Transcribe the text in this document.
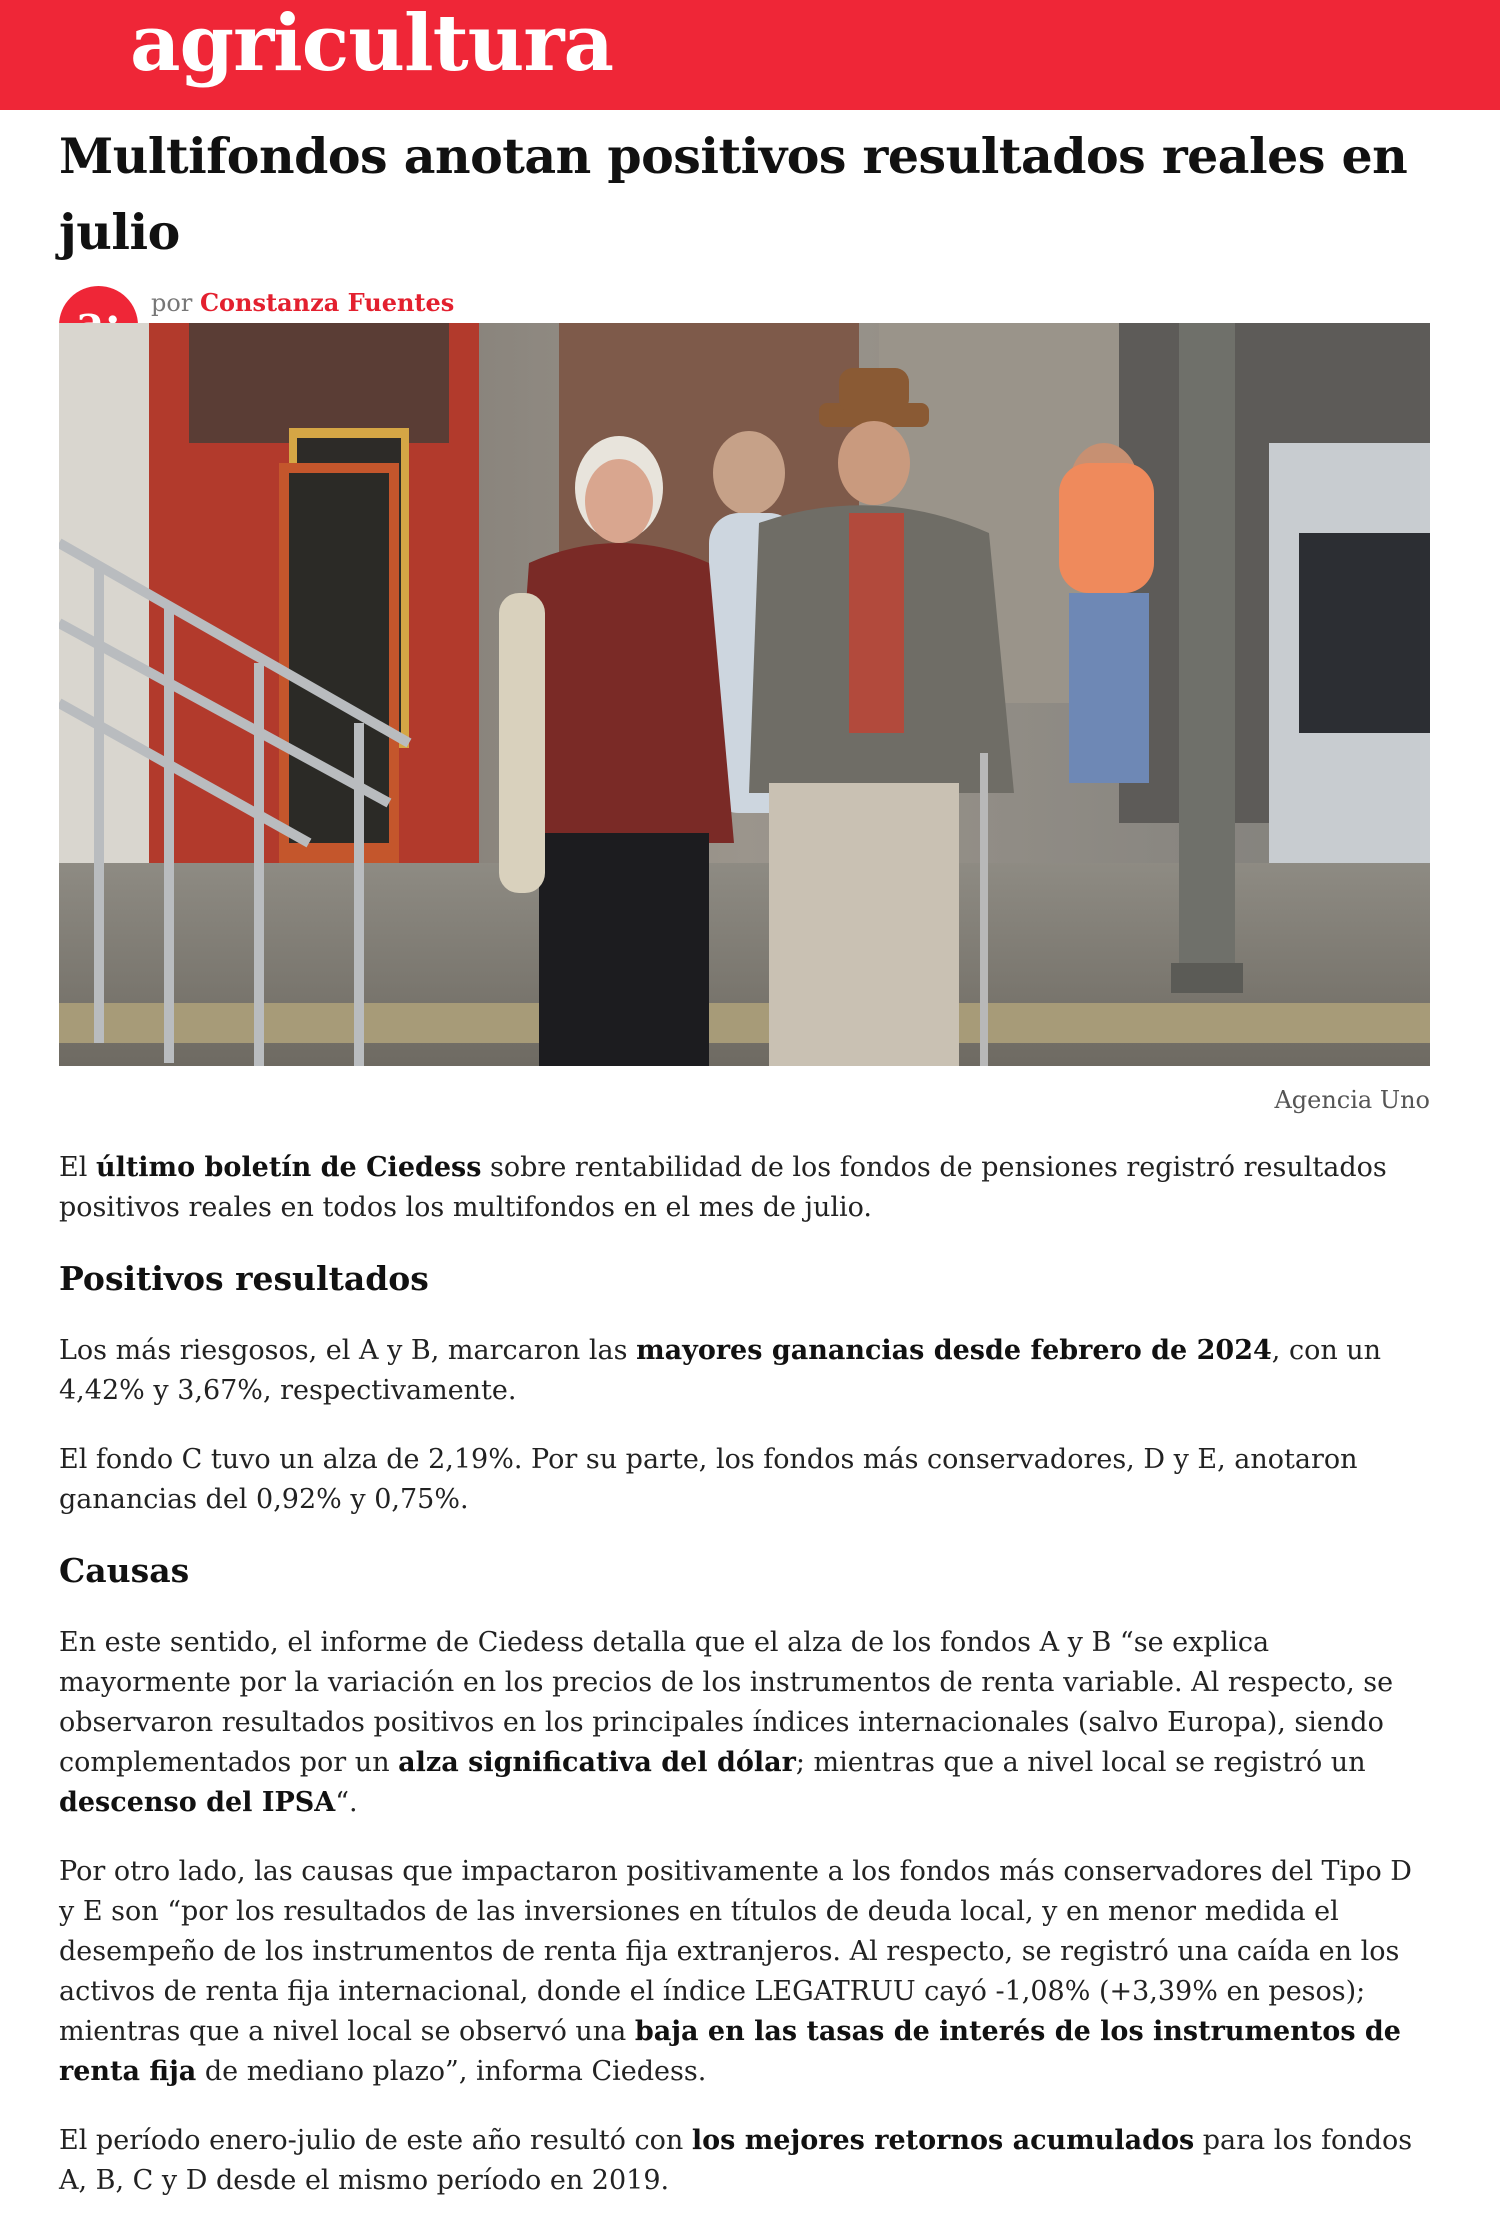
agricultura
Multifondos anotan positivos resultados reales en julio
por Constanza Fuentes
Agencia Uno

El último boletín de Ciedess sobre rentabilidad de los fondos de pensiones registró resultados positivos reales en todos los multifondos en el mes de julio.

Positivos resultados

Los más riesgosos, el A y B, marcaron las mayores ganancias desde febrero de 2024, con un 4,42% y 3,67%, respectivamente.

El fondo C tuvo un alza de 2,19%. Por su parte, los fondos más conservadores, D y E, anotaron ganancias del 0,92% y 0,75%.

Causas

En este sentido, el informe de Ciedess detalla que el alza de los fondos A y B “se explica mayormente por la variación en los precios de los instrumentos de renta variable. Al respecto, se observaron resultados positivos en los principales índices internacionales (salvo Europa), siendo complementados por un alza significativa del dólar; mientras que a nivel local se registró un descenso del IPSA“.

Por otro lado, las causas que impactaron positivamente a los fondos más conservadores del Tipo D y E son “por los resultados de las inversiones en títulos de deuda local, y en menor medida el desempeño de los instrumentos de renta fija extranjeros. Al respecto, se registró una caída en los activos de renta fija internacional, donde el índice LEGATRUU cayó -1,08% (+3,39% en pesos); mientras que a nivel local se observó una baja en las tasas de interés de los instrumentos de renta fija de mediano plazo”, informa Ciedess.

El período enero-julio de este año resultó con los mejores retornos acumulados para los fondos A, B, C y D desde el mismo período en 2019.
